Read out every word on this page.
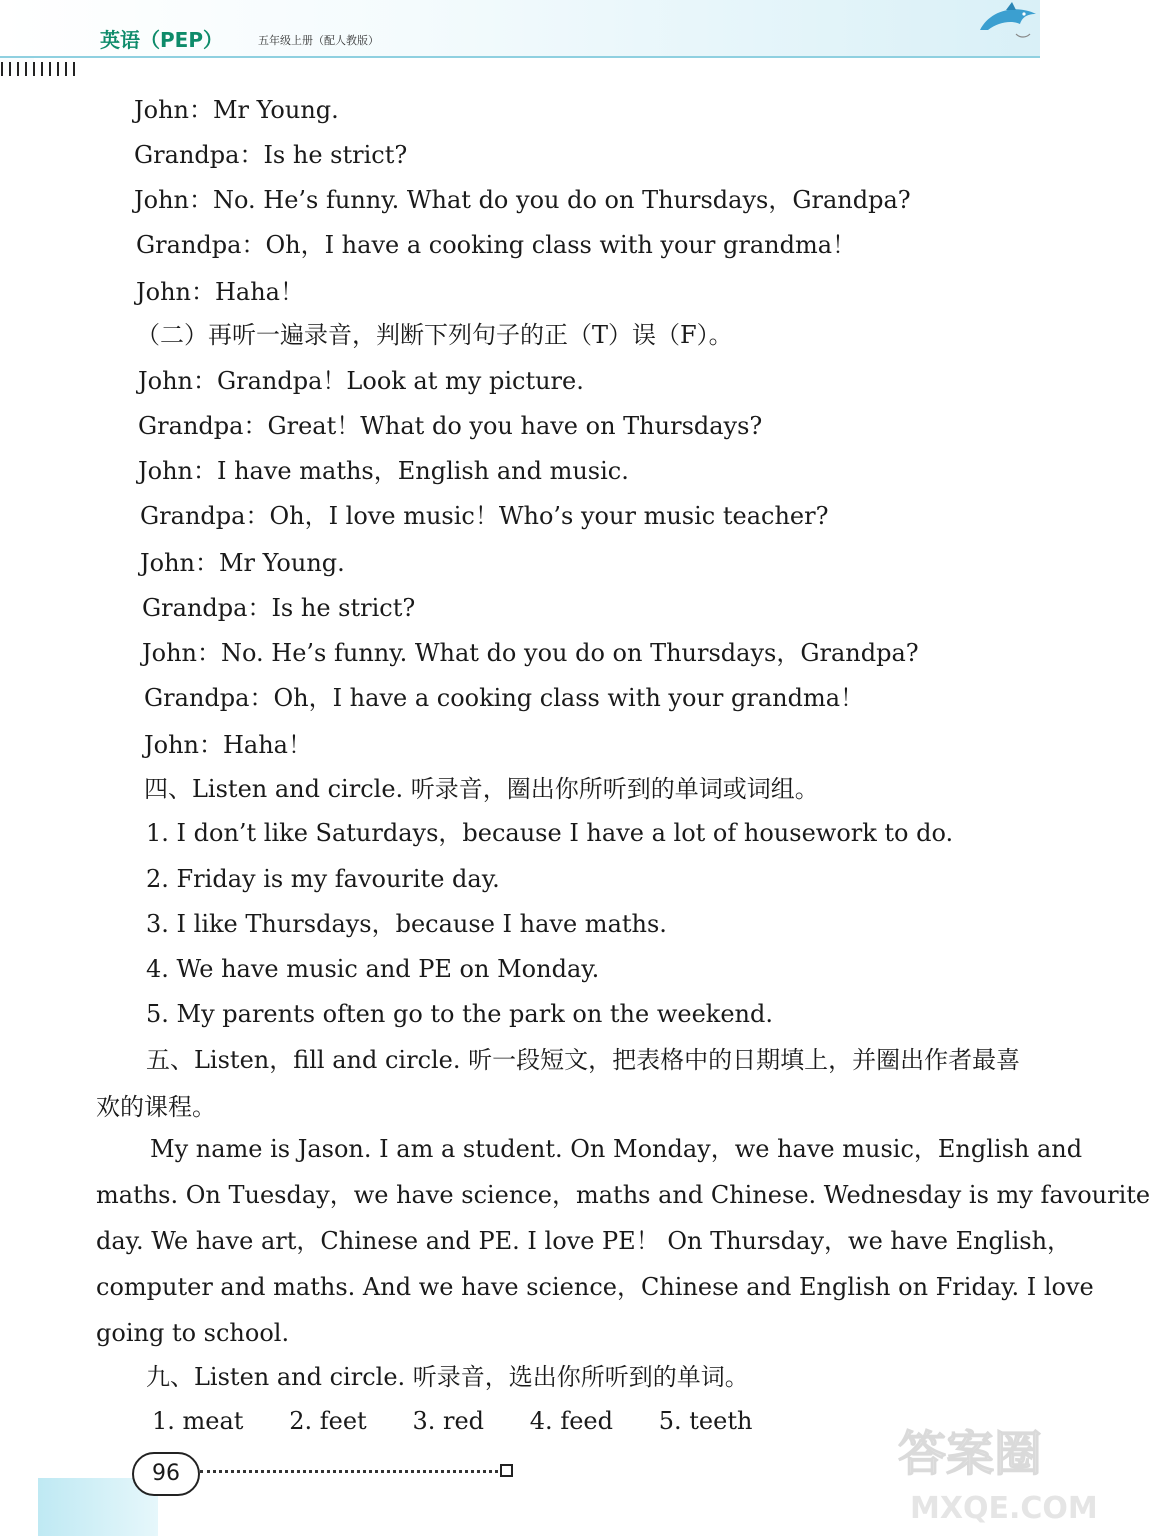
英语（PEP）	五年级上册（配人教版）
John：Mr Young.
Grandpa：Is he strict?
John：No. He’s funny. What do you do on Thursdays，Grandpa?
Grandpa：Oh，I have a cooking class with your grandma！
John：Haha！
（二）再听一遍录音，判断下列句子的正（T）误（F）。
John：Grandpa！Look at my picture.
Grandpa：Great！What do you have on Thursdays?
John：I have maths，English and music.
Grandpa：Oh，I love music！Who’s your music teacher?
John：Mr Young.
Grandpa：Is he strict?
John：No. He’s funny. What do you do on Thursdays，Grandpa?
Grandpa：Oh，I have a cooking class with your grandma！
John：Haha！
四、Listen and circle. 听录音，圈出你所听到的单词或词组。
1. I don’t like Saturdays，because I have a lot of housework to do.
2. Friday is my favourite day.
3. I like Thursdays，because I have maths.
4. We have music and PE on Monday.
5. My parents often go to the park on the weekend.
五、Listen，fill and circle. 听一段短文，把表格中的日期填上，并圈出作者最喜
欢的课程。
My name is Jason. I am a student. On Monday，we have music，English and
maths. On Tuesday，we have science，maths and Chinese. Wednesday is my favourite
day. We have art，Chinese and PE. I love PE！ On Thursday，we have English，
computer and maths. And we have science，Chinese and English on Friday. I love
going to school.
九、Listen and circle. 听录音，选出你所听到的单词。
1. meat      2. feet      3. red      4. feed      5. teeth
96	答案圈
MXQE.COM
